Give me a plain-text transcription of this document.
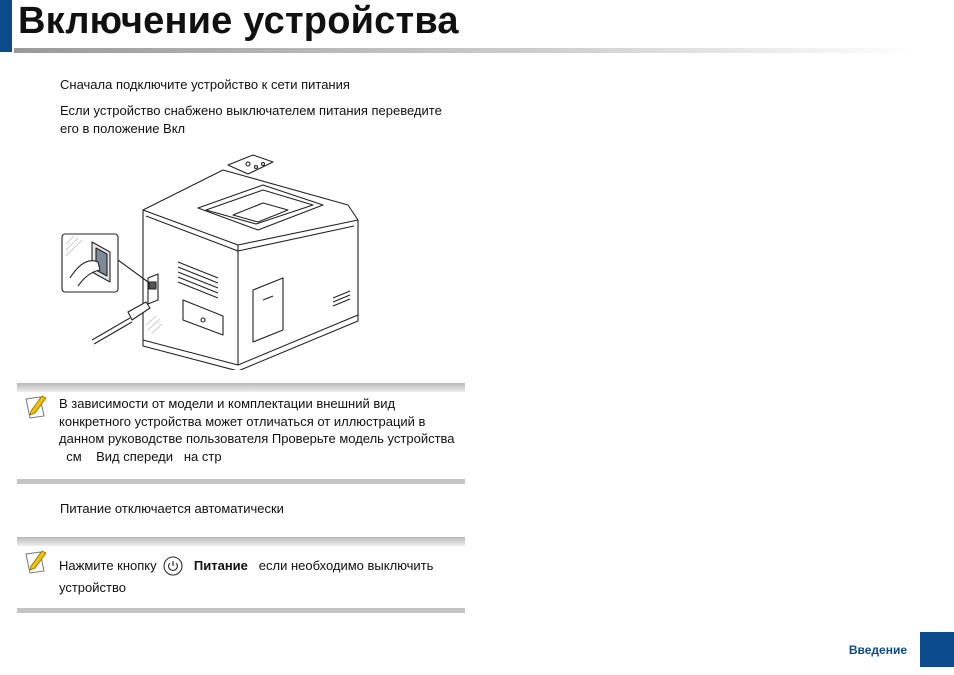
Включение устройства

Сначала подключите устройство к сети питания

Если устройство снабжено выключателем питания переведите
его в положение Вкл

В зависимости от модели и комплектации внешний вид
конкретного устройства может отличаться от иллюстраций в
данном руководстве пользователя Проверьте модель устройства
см    Вид спереди   на стр

Питание отключается автоматически

Нажмите кнопку	Питание   если необходимо выключить
устройство

Введение
